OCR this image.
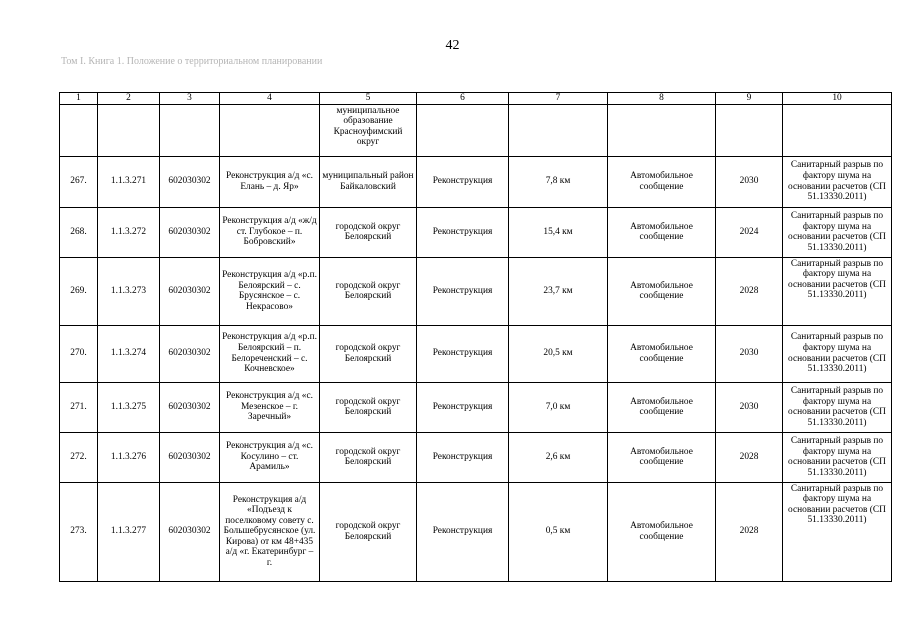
42
Том I. Книга 1. Положение о территориальном планировании
1	2	3	4	5	6	7	8	9	10
				муниципальное образование Красноуфимский округ					
267.	1.1.3.271	602030302	Реконструкция а/д «с. Елань – д. Яр»	муниципальный район Байкаловский	Реконструкция	7,8 км	Автомобильное сообщение	2030	Санитарный разрыв по фактору шума на основании расчетов (СП 51.13330.2011)
268.	1.1.3.272	602030302	Реконструкция а/д «ж/д ст. Глубокое – п. Бобровский»	городской округ Белоярский	Реконструкция	15,4 км	Автомобильное сообщение	2024	Санитарный разрыв по фактору шума на основании расчетов (СП 51.13330.2011)
269.	1.1.3.273	602030302	Реконструкция а/д «р.п. Белоярский – с. Брусянское – с. Некрасово»	городской округ Белоярский	Реконструкция	23,7 км	Автомобильное сообщение	2028	Санитарный разрыв по фактору шума на основании расчетов (СП 51.13330.2011)
270.	1.1.3.274	602030302	Реконструкция а/д «р.п. Белоярский – п. Белореченский – с. Кочневское»	городской округ Белоярский	Реконструкция	20,5 км	Автомобильное сообщение	2030	Санитарный разрыв по фактору шума на основании расчетов (СП 51.13330.2011)
271.	1.1.3.275	602030302	Реконструкция а/д «с. Мезенское – г. Заречный»	городской округ Белоярский	Реконструкция	7,0 км	Автомобильное сообщение	2030	Санитарный разрыв по фактору шума на основании расчетов (СП 51.13330.2011)
272.	1.1.3.276	602030302	Реконструкция а/д «с. Косулино – ст. Арамиль»	городской округ Белоярский	Реконструкция	2,6 км	Автомобильное сообщение	2028	Санитарный разрыв по фактору шума на основании расчетов (СП 51.13330.2011)
273.	1.1.3.277	602030302	Реконструкция а/д «Подъезд к поселковому совету с. Большебрусянское (ул. Кирова) от км 48+435 а/д «г. Екатеринбург – г.	городской округ Белоярский	Реконструкция	0,5 км	Автомобильное сообщение	2028	Санитарный разрыв по фактору шума на основании расчетов (СП 51.13330.2011)
